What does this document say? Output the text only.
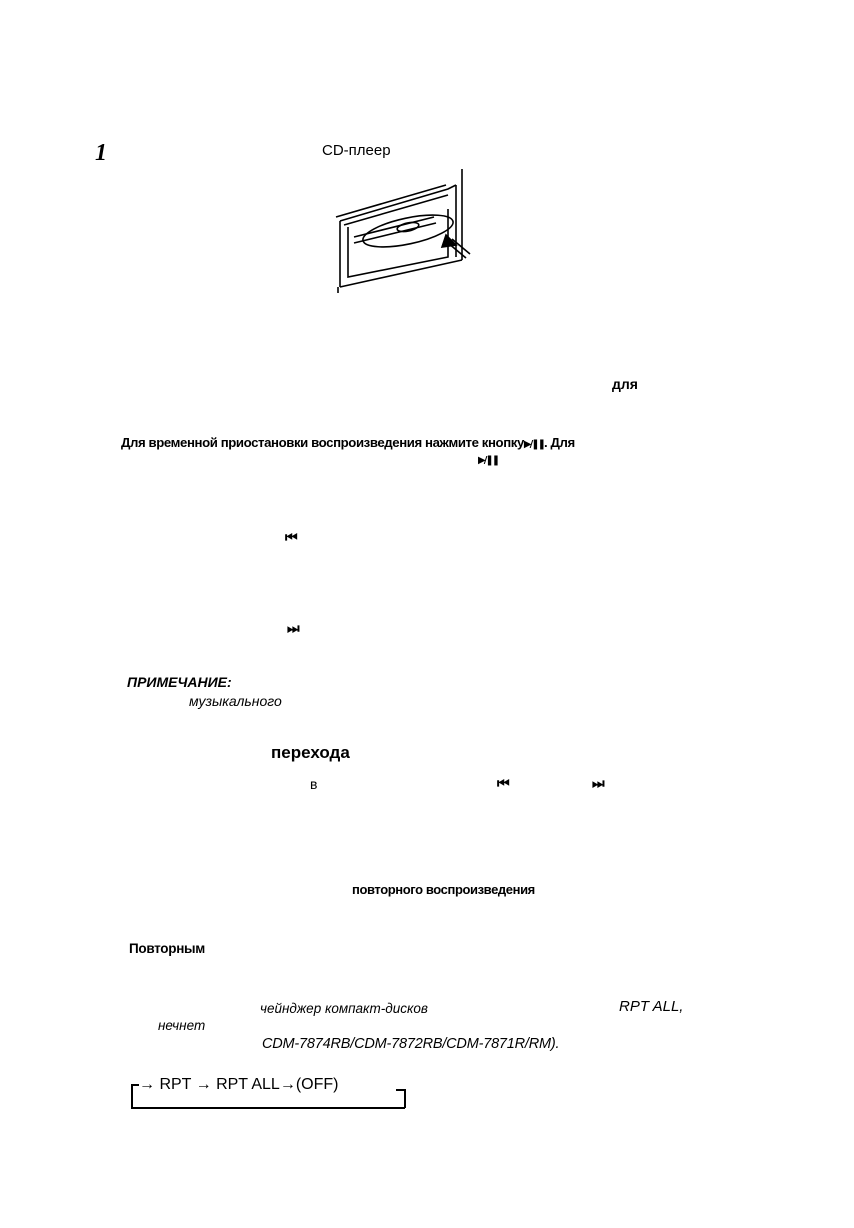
1	CD-плеер
для
Для временной приостановки воспроизведения нажмите кнопку▶/❚❚. Для
▶/❚❚
⏮
⏭
ПРИМЕЧАНИЕ:
музыкального
перехода
в	⏮	⏭
повторного воспроизведения
Повторным
чейнджер компакт-дисков	RPT ALL,
нечнет
CDM-7874RB/CDM-7872RB/CDM-7871R/RM).
→ RPT → RPT ALL→(OFF)
